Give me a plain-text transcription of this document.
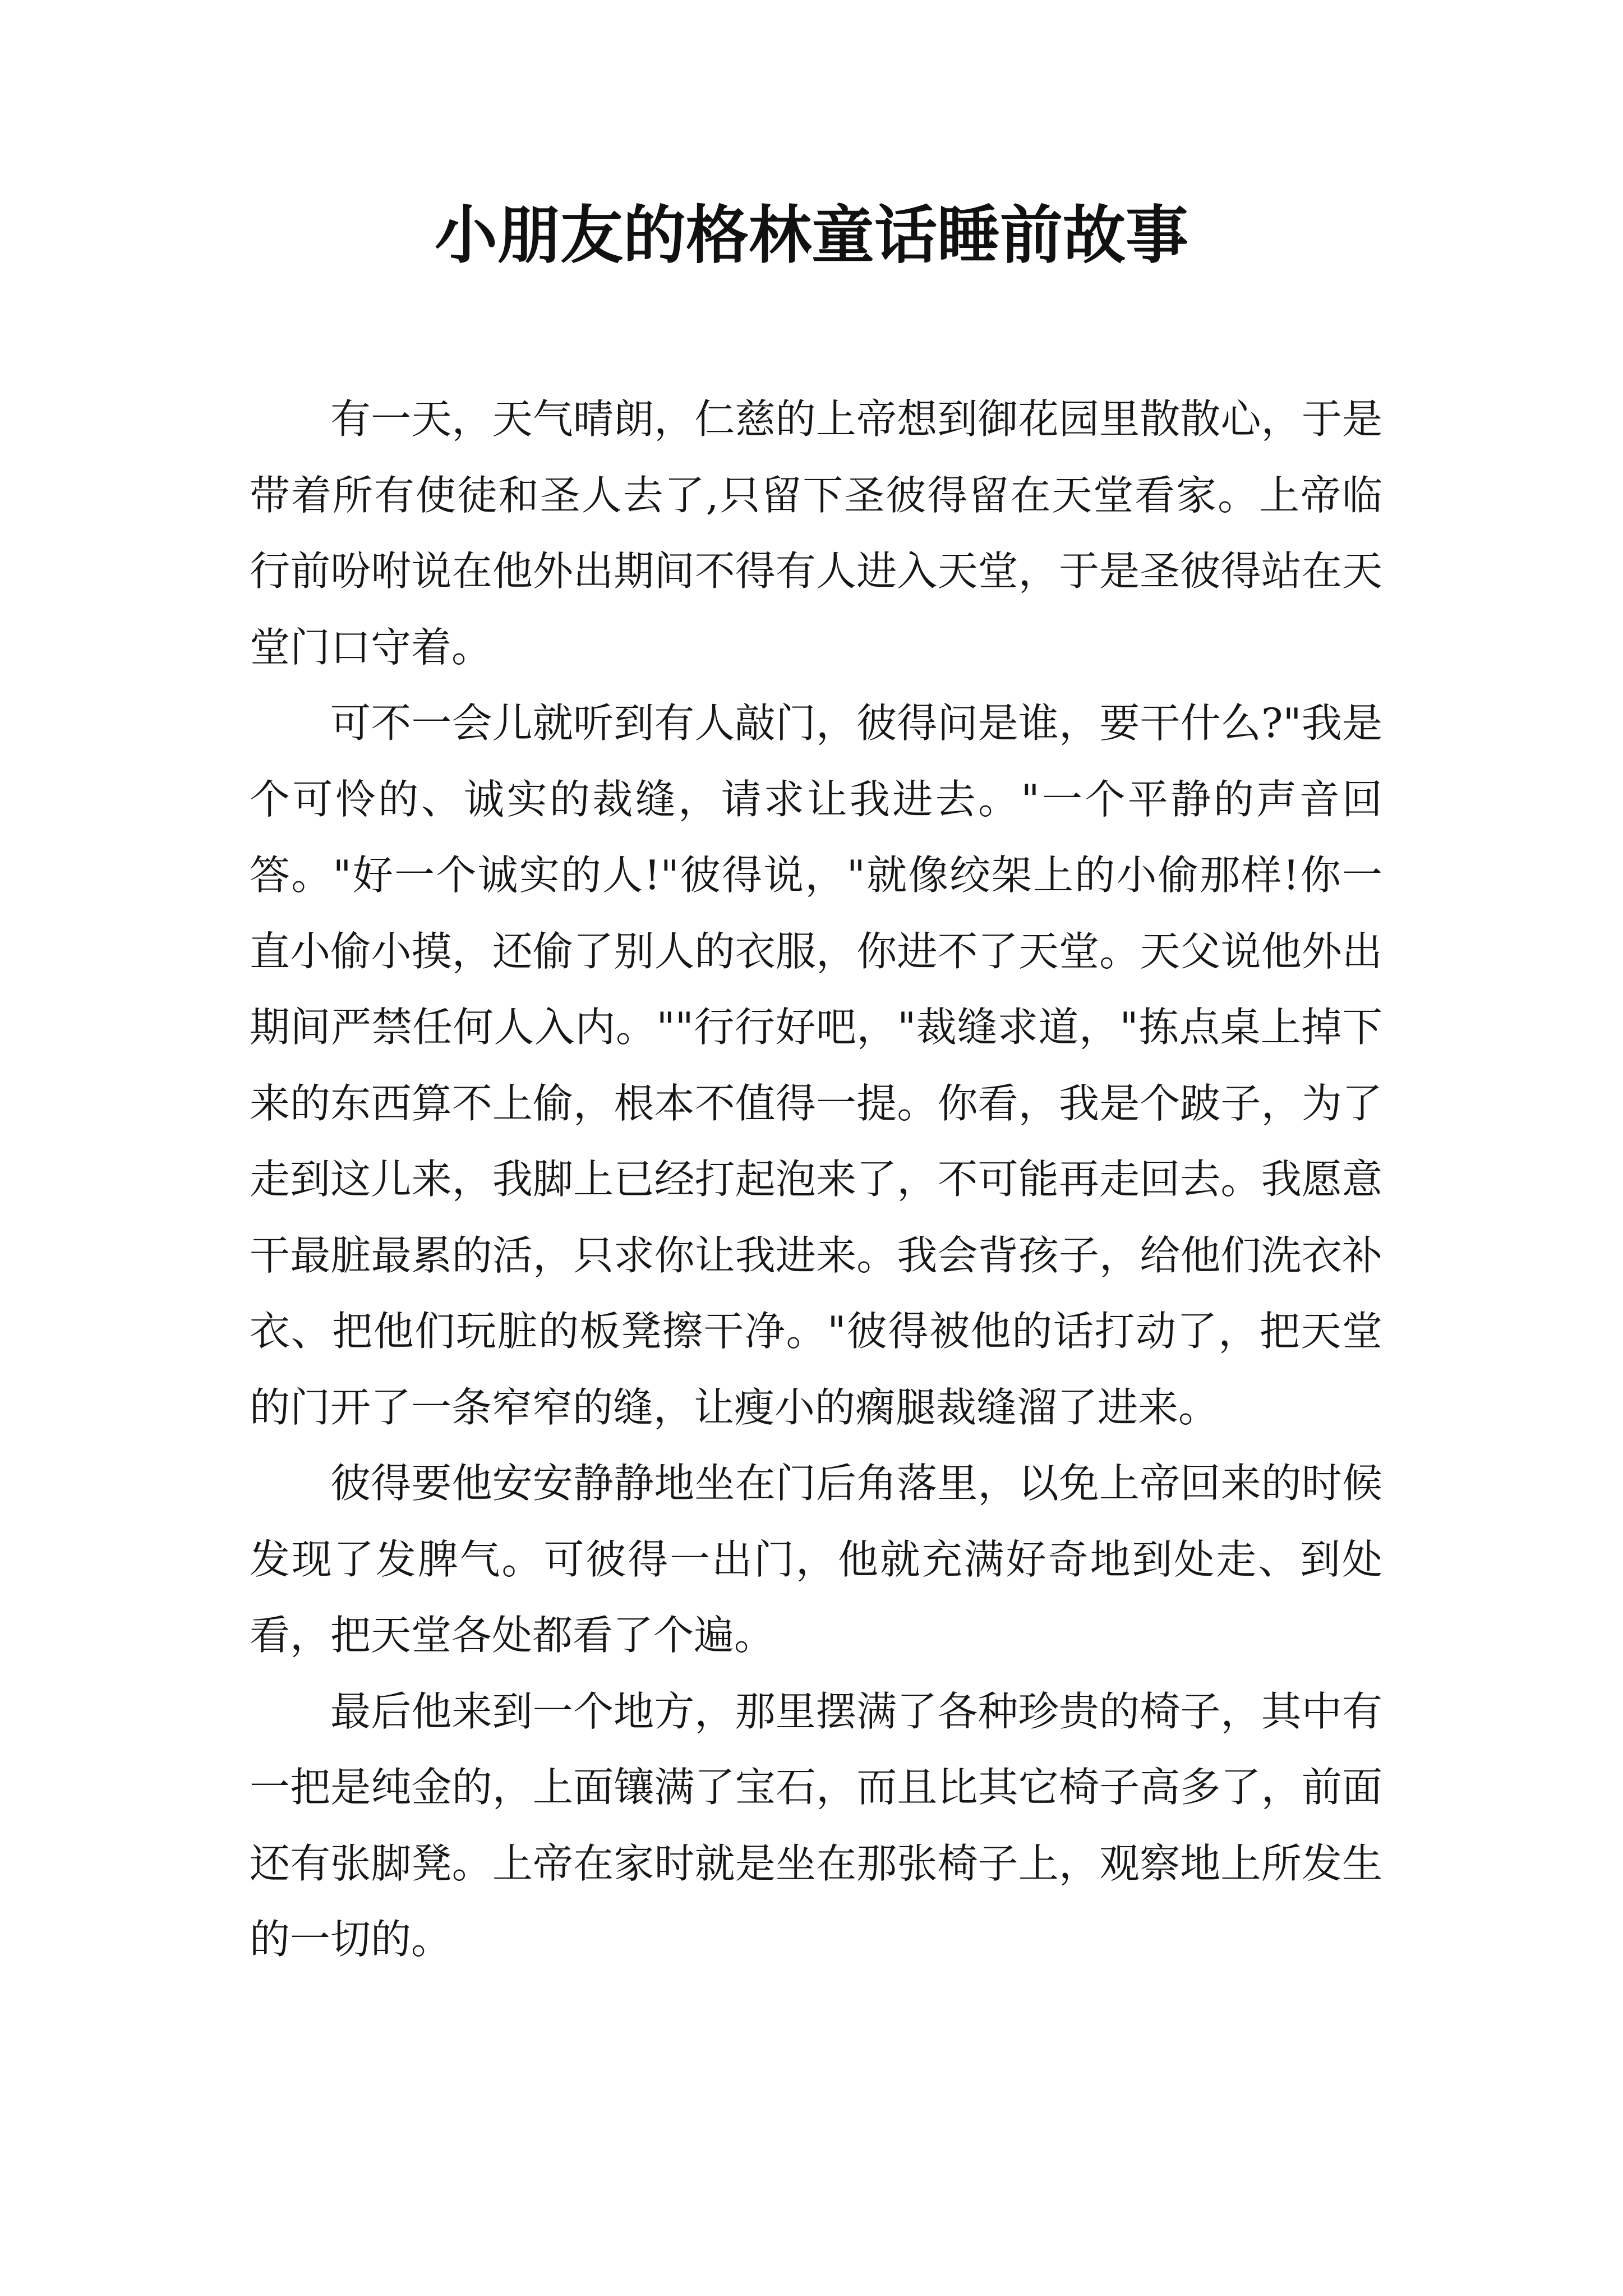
小朋友的格林童话睡前故事

有一天，天气晴朗，仁慈的上帝想到御花园里散散心，于是带着所有使徒和圣人去了,只留下圣彼得留在天堂看家。上帝临行前吩咐说在他外出期间不得有人进入天堂，于是圣彼得站在天堂门口守着。

可不一会儿就听到有人敲门，彼得问是谁，要干什么?"我是个可怜的、诚实的裁缝，请求让我进去。"一个平静的声音回答。"好一个诚实的人!"彼得说，"就像绞架上的小偷那样!你一直小偷小摸，还偷了别人的衣服，你进不了天堂。天父说他外出期间严禁任何人入内。""行行好吧，"裁缝求道，"拣点桌上掉下来的东西算不上偷，根本不值得一提。你看，我是个跛子，为了走到这儿来，我脚上已经打起泡来了，不可能再走回去。我愿意干最脏最累的活，只求你让我进来。我会背孩子，给他们洗衣补衣、把他们玩脏的板凳擦干净。"彼得被他的话打动了，把天堂的门开了一条窄窄的缝，让瘦小的瘸腿裁缝溜了进来。

彼得要他安安静静地坐在门后角落里，以免上帝回来的时候发现了发脾气。可彼得一出门，他就充满好奇地到处走、到处看，把天堂各处都看了个遍。

最后他来到一个地方，那里摆满了各种珍贵的椅子，其中有一把是纯金的，上面镶满了宝石，而且比其它椅子高多了，前面还有张脚凳。上帝在家时就是坐在那张椅子上，观察地上所发生的一切的。
